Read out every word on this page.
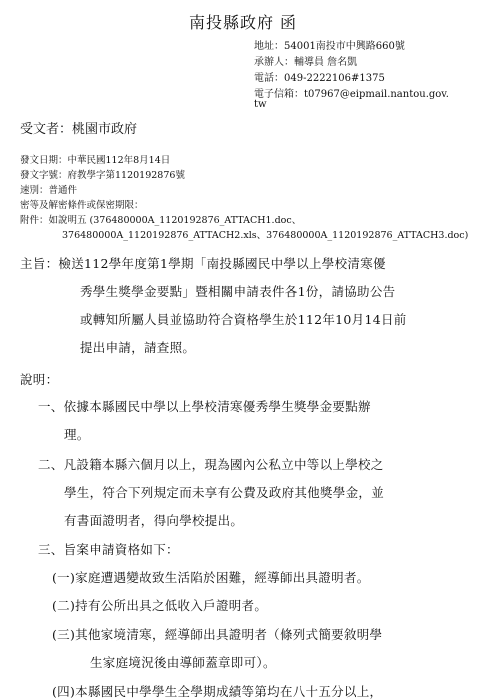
南投縣政府 函
地址：54001南投市中興路660號
承辦人：輔導員 詹名凱
電話：049-2222106#1375
電子信箱：t07967@eipmail.nantou.gov.
tw
受文者：桃園市政府
發文日期：中華民國112年8月14日
發文字號：府教學字第1120192876號
速別：普通件
密等及解密條件或保密期限：
附件：如說明五 (376480000A_1120192876_ATTACH1.doc、
376480000A_1120192876_ATTACH2.xls、376480000A_1120192876_ATTACH3.doc)
主旨：檢送112學年度第1學期「南投縣國民中學以上學校清寒優
秀學生獎學金要點」暨相關申請表件各1份，請協助公告
或轉知所屬人員並協助符合資格學生於112年10月14日前
提出申請，請查照。
說明：
一、依據本縣國民中學以上學校清寒優秀學生獎學金要點辦
理。
二、凡設籍本縣六個月以上，現為國內公私立中等以上學校之
學生，符合下列規定而未享有公費及政府其他獎學金，並
有書面證明者，得向學校提出。
三、旨案申請資格如下：
(一)家庭遭遇變故致生活陷於困難，經導師出具證明者。
(二)持有公所出具之低收入戶證明者。
(三)其他家境清寒，經導師出具證明者（條列式簡要敘明學
生家庭境況後由導師蓋章即可）。
(四)本縣國民中學學生全學期成績等第均在八十五分以上，
